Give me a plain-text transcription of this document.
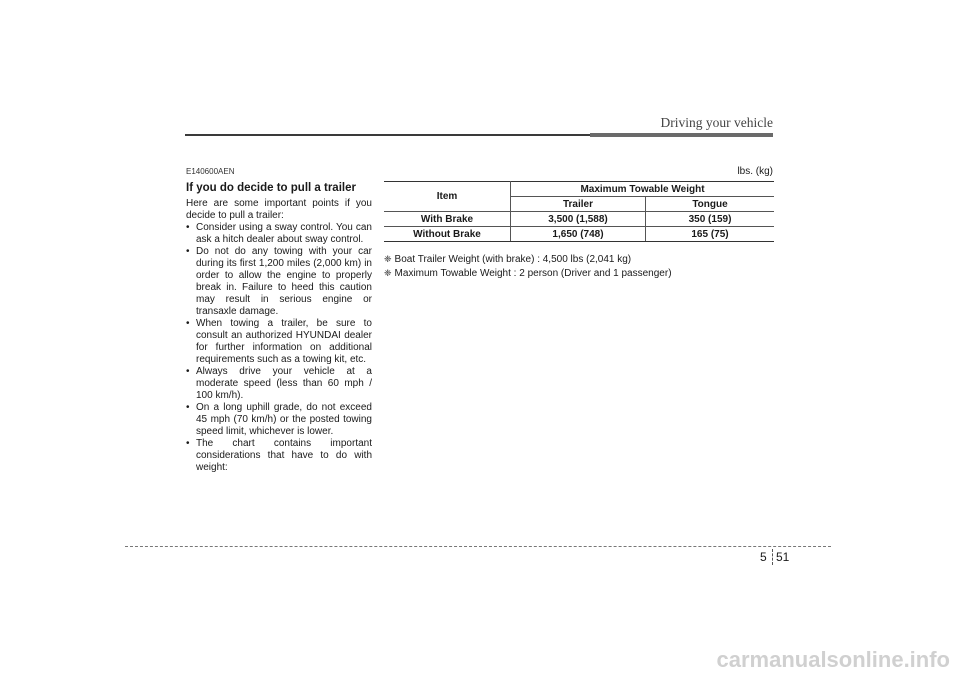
Driving your vehicle
E140600AEN
If you do decide to pull a trailer
Here are some important points if you decide to pull a trailer:
• Consider using a sway control. You can ask a hitch dealer about sway control.
• Do not do any towing with your car during its first 1,200 miles (2,000 km) in order to allow the engine to properly break in. Failure to heed this caution may result in serious engine or transaxle damage.
• When towing a trailer, be sure to consult an authorized HYUNDAI dealer for further information on additional requirements such as a towing kit, etc.
• Always drive your vehicle at a moderate speed (less than 60 mph / 100 km/h).
• On a long uphill grade, do not exceed 45 mph (70 km/h) or the posted towing speed limit, whichever is lower.
• The chart contains important considerations that have to do with weight:
lbs. (kg)
Item	Maximum Towable Weight	
	Trailer	Tongue
With Brake	3,500 (1,588)	350 (159)
Without Brake	1,650 (748)	165 (75)
❈ Boat Trailer Weight (with brake) : 4,500 lbs (2,041 kg)
❈ Maximum Towable Weight : 2 person (Driver and 1 passenger)
5 51
carmanualsonline.info
